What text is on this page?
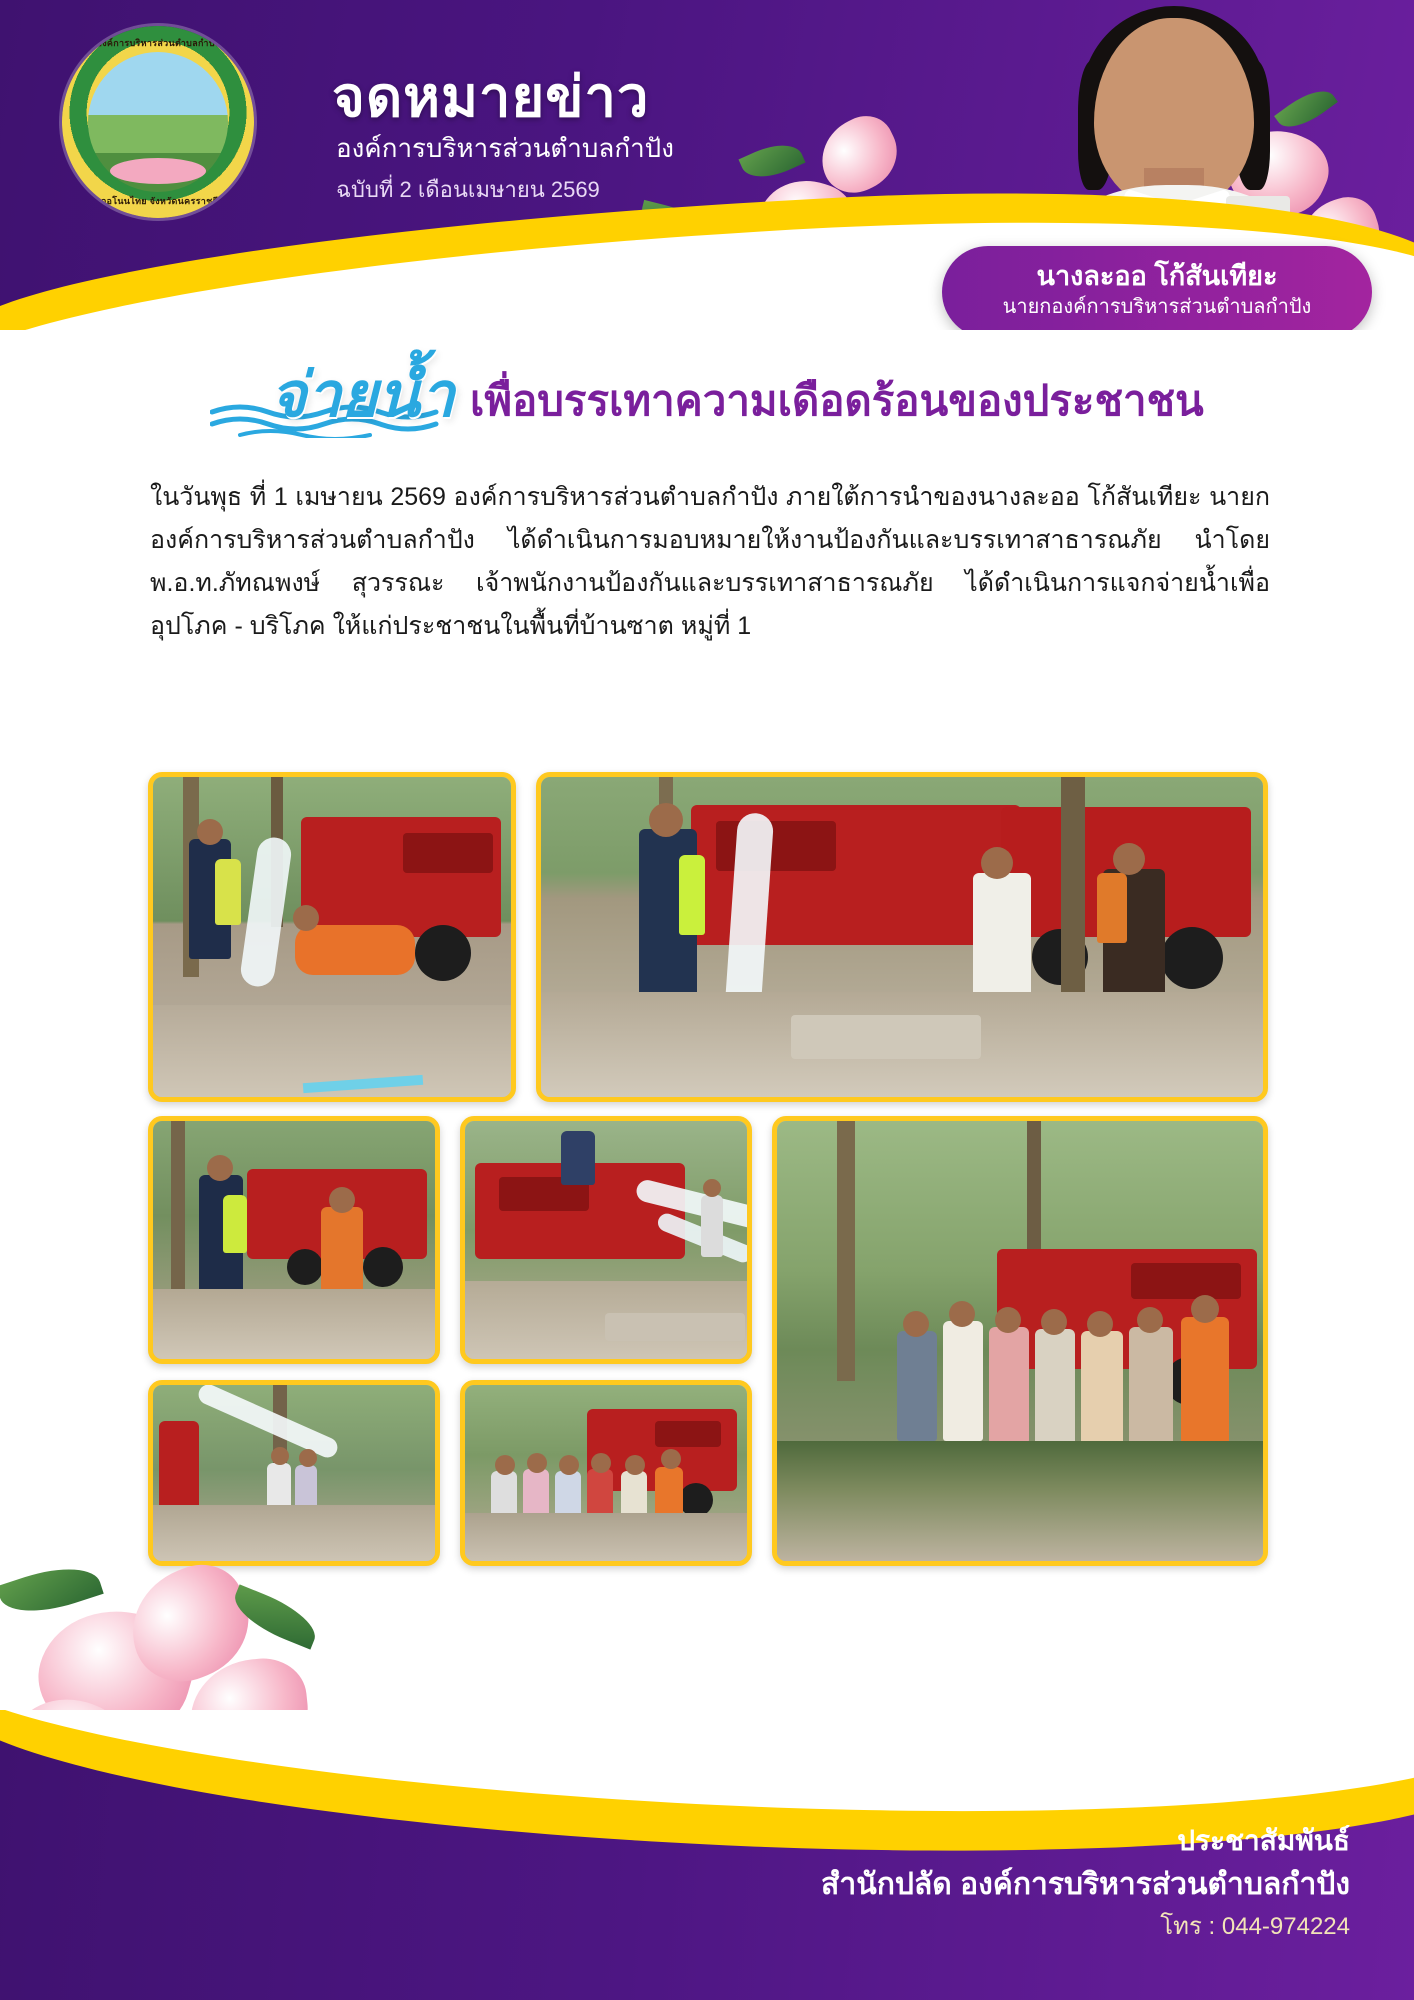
องค์การบริหารส่วนตำบลกำปัง
อำเภอโนนไทย จังหวัดนครราชสีมา
จดหมายข่าว
องค์การบริหารส่วนตำบลกำปัง
ฉบับที่ 2 เดือนเมษายน 2569
นางละออ โก้สันเทียะ
นายกองค์การบริหารส่วนตำบลกำปัง
จ่ายน้ำ เพื่อบรรเทาความเดือดร้อนของประชาชน
ในวันพุธ ที่ 1 เมษายน 2569 องค์การบริหารส่วนตำบลกำปัง ภายใต้การนำของนางละออ โก้สันเทียะ นายกองค์การบริหารส่วนตำบลกำปัง ได้ดำเนินการมอบหมายให้งานป้องกันและบรรเทาสาธารณภัย นำโดย พ.อ.ท.ภัทณพงษ์ สุวรรณะ เจ้าพนักงานป้องกันและบรรเทาสาธารณภัย ได้ดำเนินการแจกจ่ายน้ำเพื่ออุปโภค - บริโภค ให้แก่ประชาชนในพื้นที่บ้านซาต หมู่ที่ 1
ประชาสัมพันธ์
สำนักปลัด องค์การบริหารส่วนตำบลกำปัง
โทร : 044-974224
